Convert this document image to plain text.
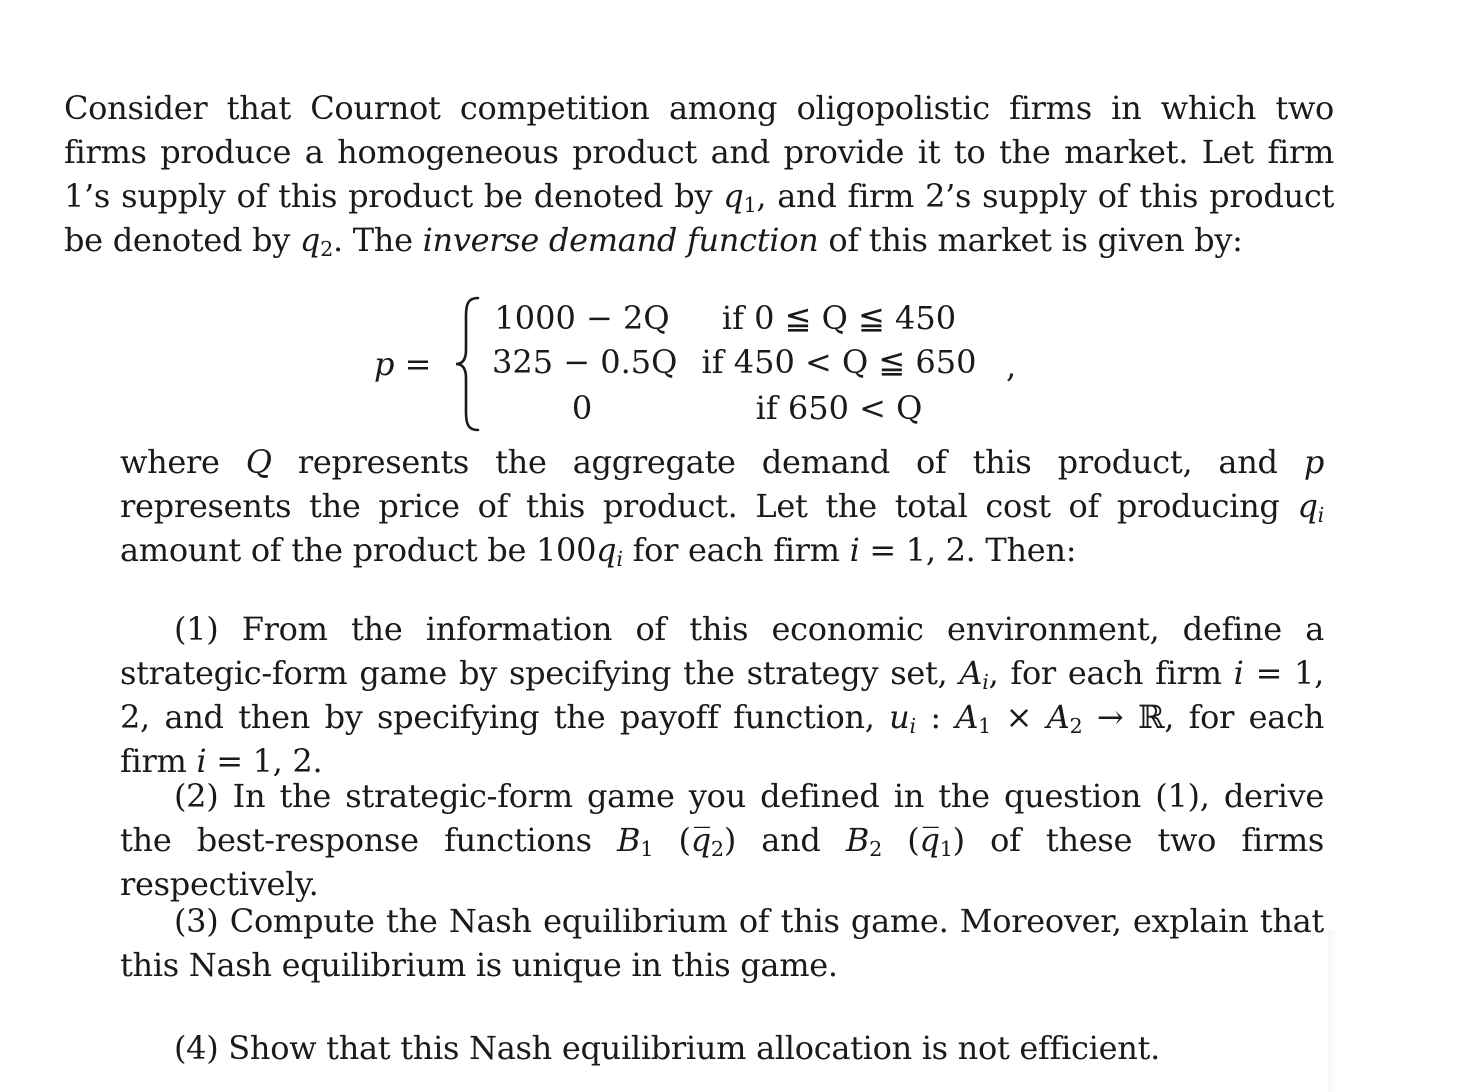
Consider that Cournot competition among oligopolistic firms in which two firms produce a homogeneous product and provide it to the market. Let firm 1’s supply of this product be denoted by $q_1$, and firm 2’s supply of this product be denoted by $q_2$. The inverse demand function of this market is given by:
p =
1000 − 2Q	if 0 ≦ Q ≦ 450
325 − 0.5Q if 450 < Q ≦ 650
0	if 650 < Q
,
where Q represents the aggregate demand of this product, and p represents the price of this product. Let the total cost of producing $q_i$ amount of the product be $100q_i$ for each firm i = 1, 2. Then:
(1) From the information of this economic environment, define a strategic-form game by specifying the strategy set, $A_i$, for each firm i = 1, 2, and then by specifying the payoff function, $u_i$ : $A_1 \times A_2$ → ℝ, for each firm i = 1, 2.
(2) In the strategic-form game you defined in the question (1), derive the best-response functions $B_1$ $(q̅_2)$ and $B_2$ $(q̅_1)$ of these two firms respectively.
(3) Compute the Nash equilibrium of this game. Moreover, explain that this Nash equilibrium is unique in this game.
(4) Show that this Nash equilibrium allocation is not efficient.
